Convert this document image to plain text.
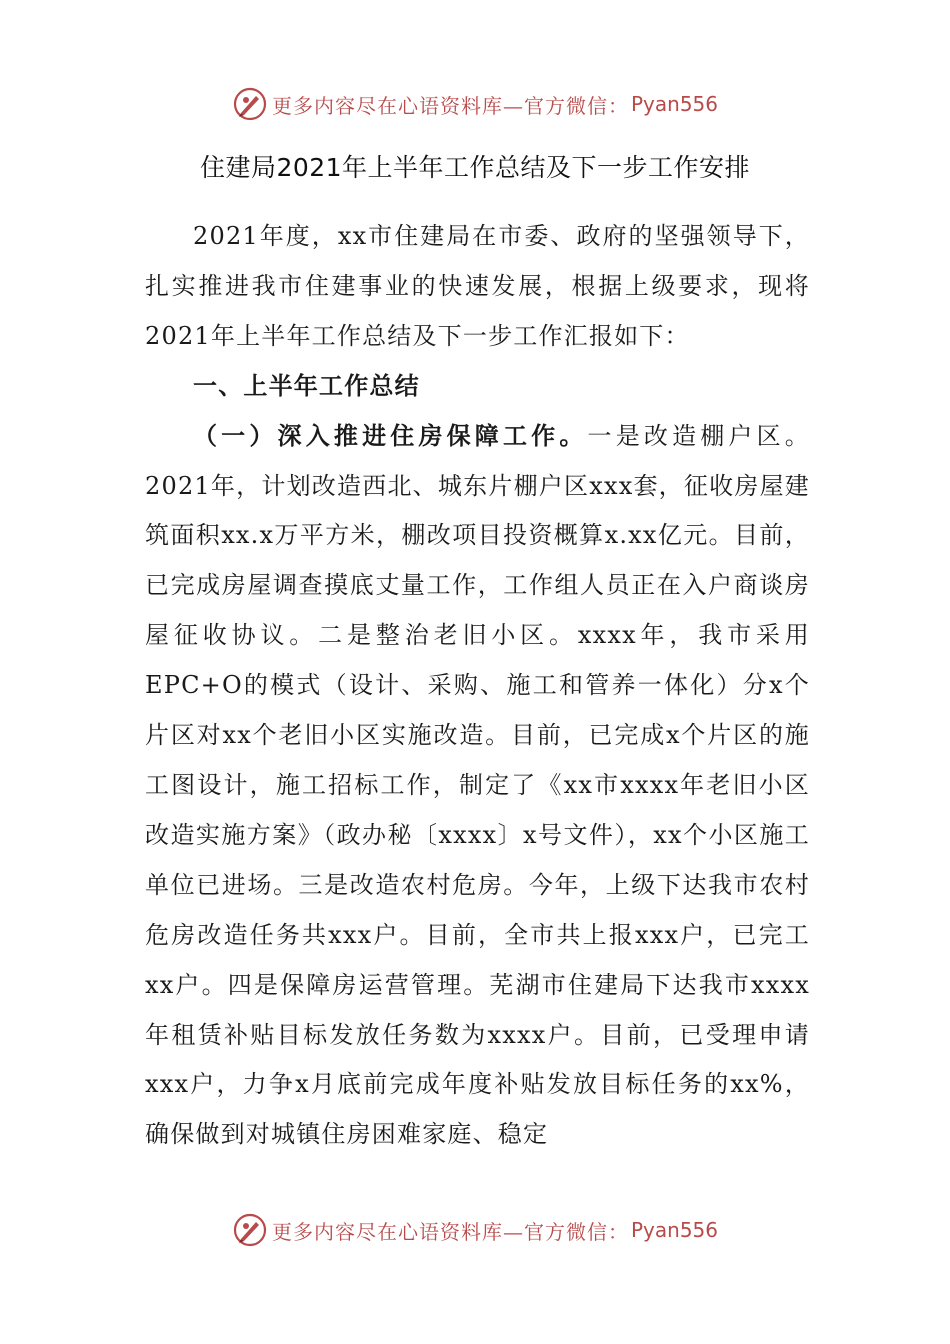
更多内容尽在心语资料库—官方微信： Pyan556
住建局2021年上半年工作总结及下一步工作安排

2021年度，xx市住建局在市委、政府的坚强领导下，扎实推进我市住建事业的快速发展，根据上级要求，现将2021年上半年工作总结及下一步工作汇报如下：

一、上半年工作总结

（一）深入推进住房保障工作。一是改造棚户区。2021年，计划改造西北、城东片棚户区xxx套，征收房屋建筑面积xx.x万平方米，棚改项目投资概算x.xx亿元。目前，已完成房屋调查摸底丈量工作，工作组人员正在入户商谈房屋征收协议。二是整治老旧小区。xxxx年，我市采用EPC+O的模式（设计、采购、施工和管养一体化）分x个片区对xx个老旧小区实施改造。目前，已完成x个片区的施工图设计，施工招标工作，制定了《xx市xxxx年老旧小区改造实施方案》（政办秘〔xxxx〕x号文件），xx个小区施工单位已进场。三是改造农村危房。今年，上级下达我市农村危房改造任务共xxx户。目前，全市共上报xxx户，已完工xx户。四是保障房运营管理。芜湖市住建局下达我市xxxx年租赁补贴目标发放任务数为xxxx户。目前，已受理申请xxx户，力争x月底前完成年度补贴发放目标任务的xx%，确保做到对城镇住房困难家庭、稳定

更多内容尽在心语资料库—官方微信： Pyan556
